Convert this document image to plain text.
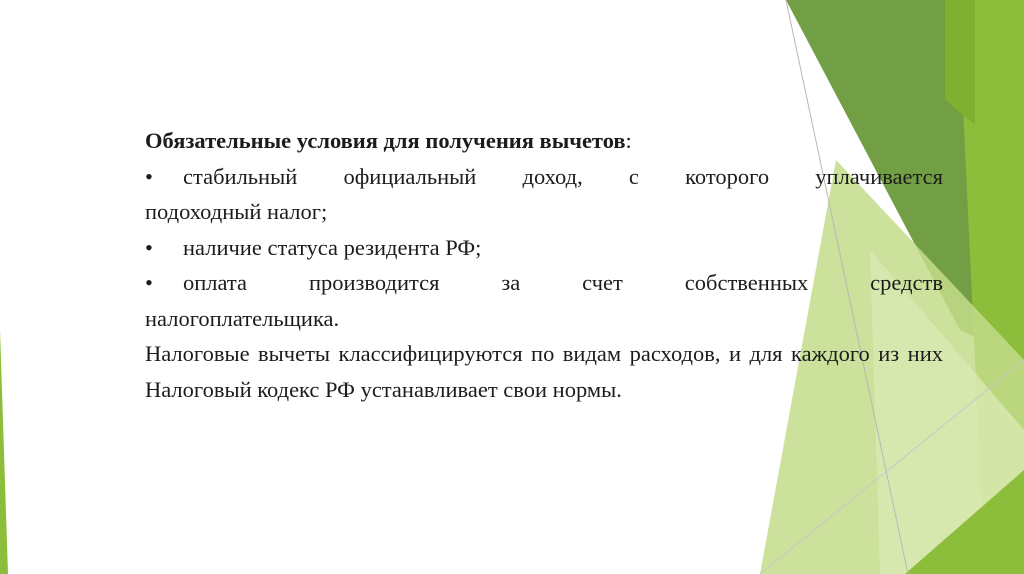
Обязательные условия для получения вычетов:

•	стабильный официальный доход, с которого уплачивается

подоходный налог;

•	наличие статуса резидента РФ;
•	оплата производится за счет собственных средств

налогоплательщика.

Налоговые вычеты классифицируются по видам расходов, и для каждого из них Налоговый кодекс РФ устанавливает свои нормы.
